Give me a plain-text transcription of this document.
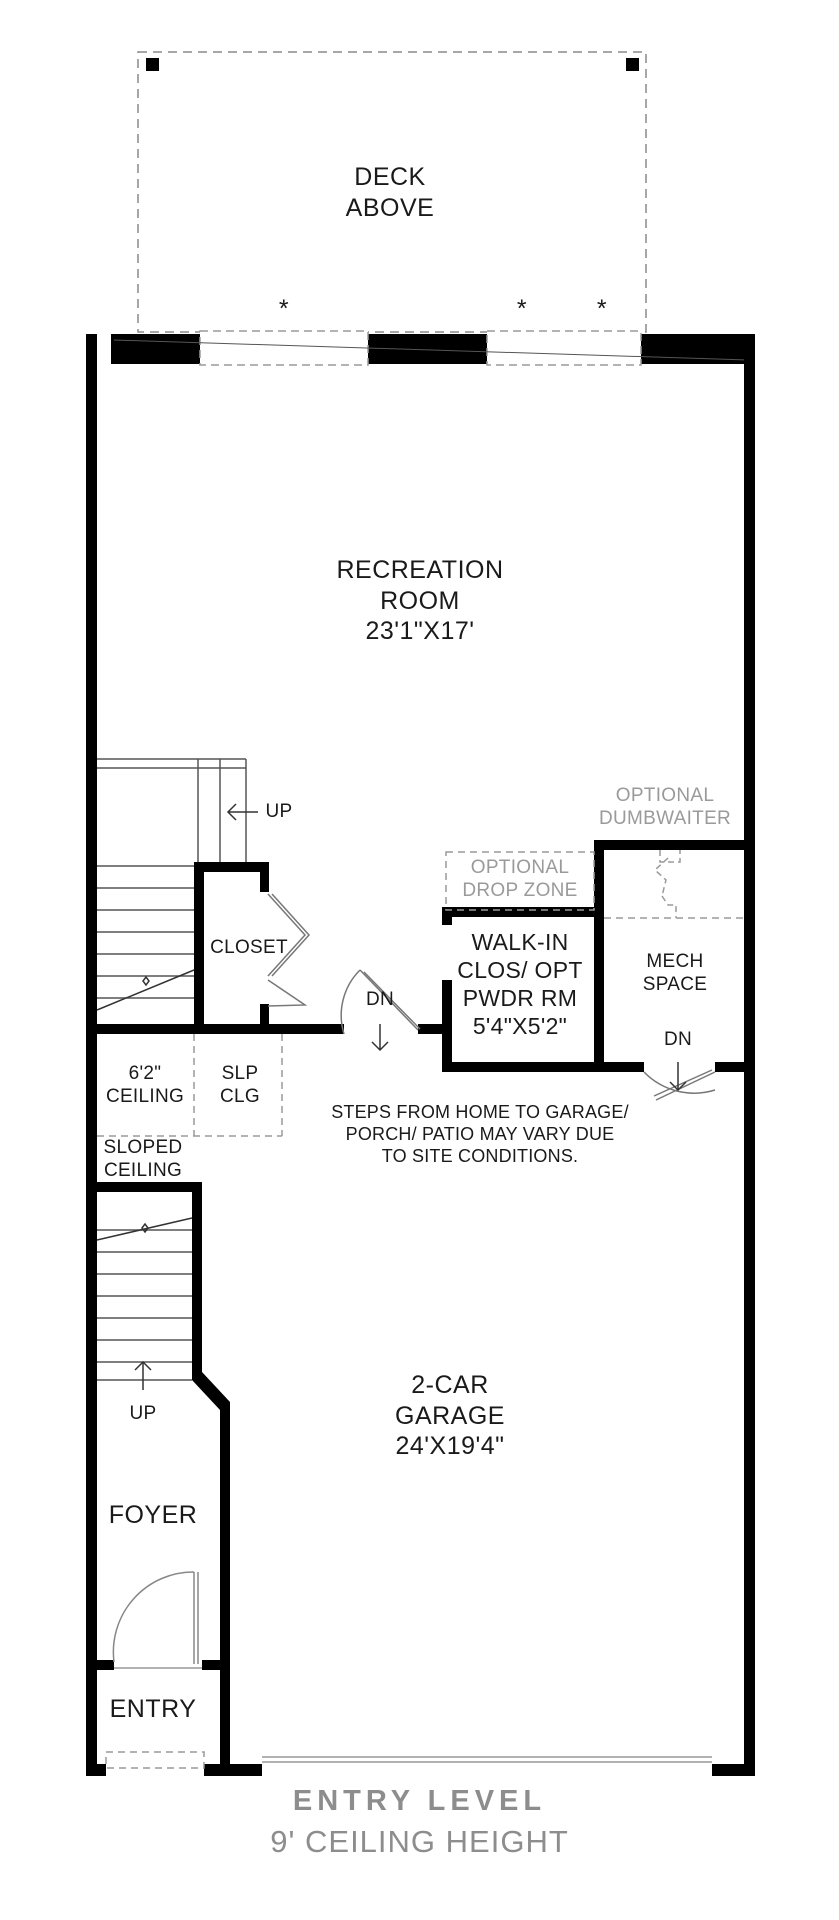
DECK
ABOVE
*	*	*
RECREATION
ROOM
23'1"X17'
UP
OPTIONAL
DUMBWAITER
OPTIONAL
DROP ZONE
CLOSET	WALK-IN
CLOS/ OPT
PWDR RM
5'4"X5'2"
MECH
SPACE
DN
DN
6'2"
CEILING
SLP
CLG
STEPS FROM HOME TO GARAGE/
PORCH/ PATIO MAY VARY DUE
TO SITE CONDITIONS.
SLOPED
CEILING
UP
2-CAR
GARAGE
24'X19'4"
FOYER
ENTRY
ENTRY LEVEL
9' CEILING HEIGHT
